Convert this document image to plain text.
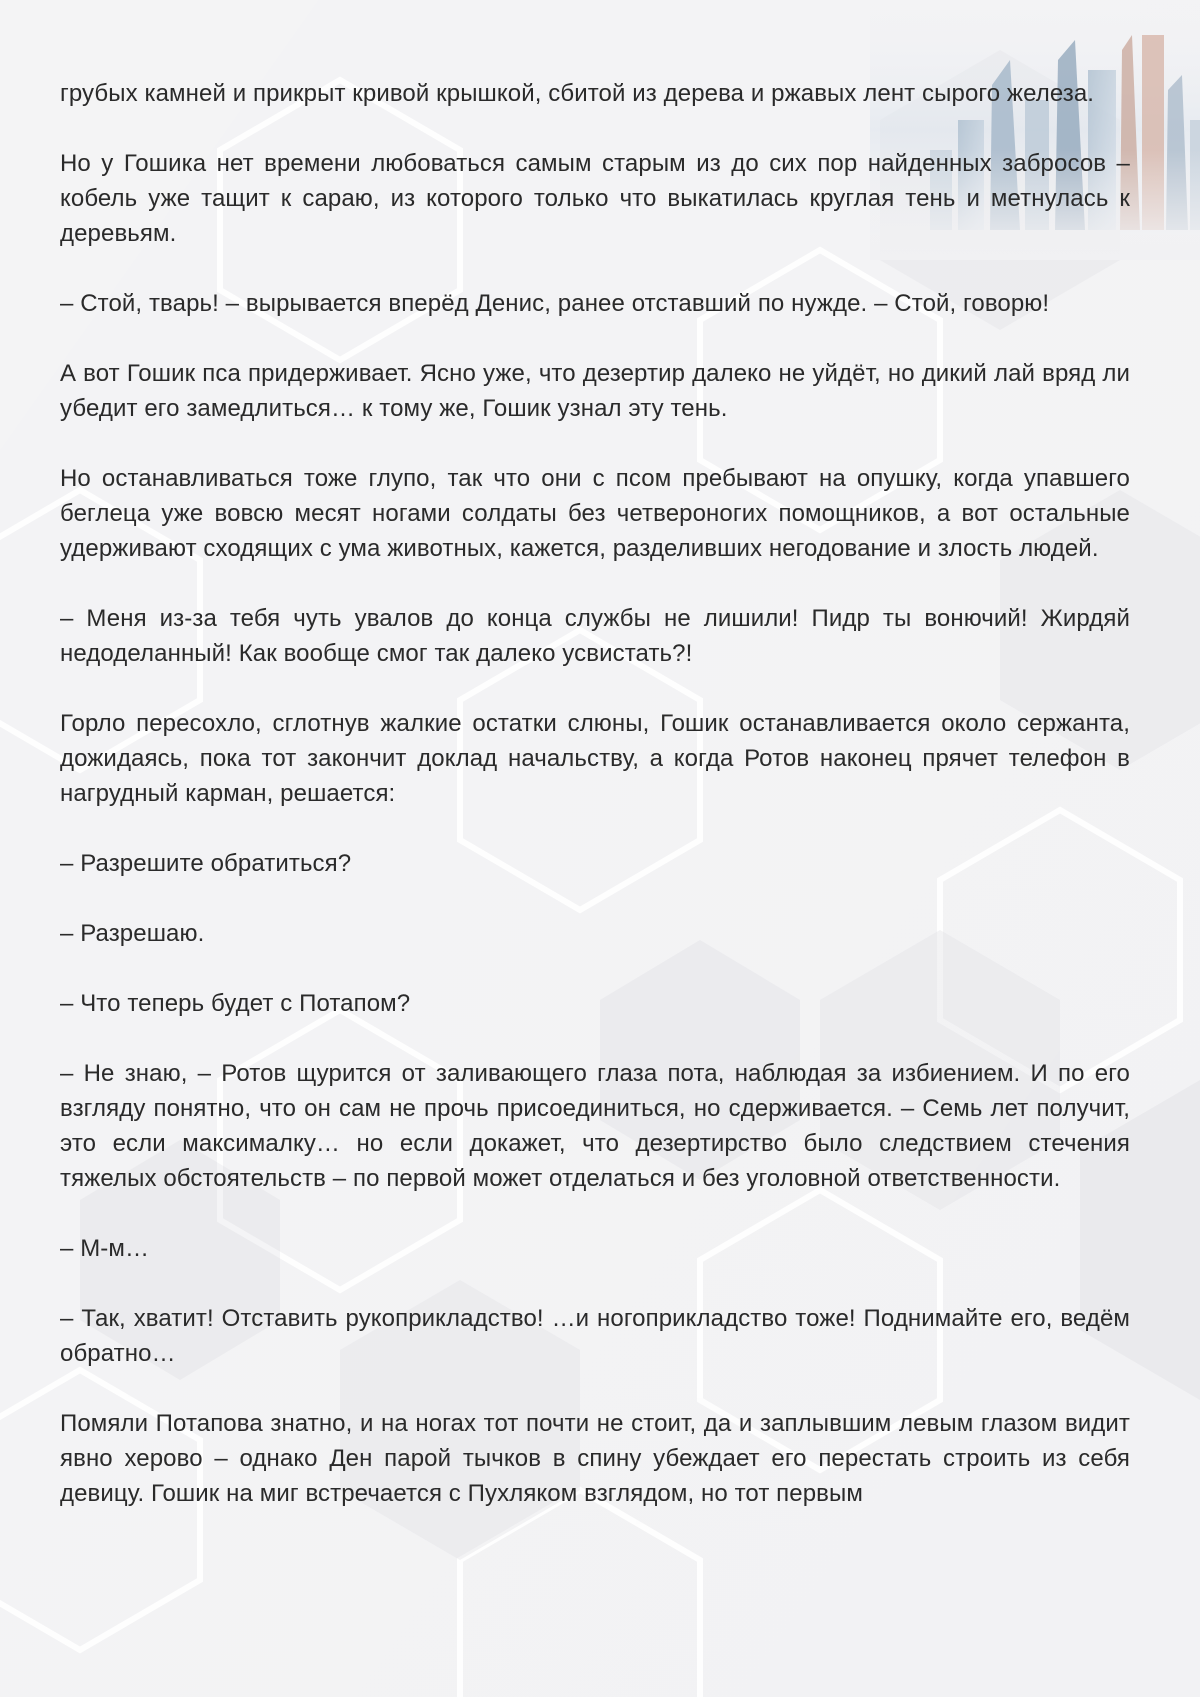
грубых камней и прикрыт кривой крышкой, сбитой из дерева и ржавых лент сырого железа.

Но у Гошика нет времени любоваться самым старым из до сих пор найденных забросов – кобель уже тащит к сараю, из которого только что выкатилась круглая тень и метнулась к деревьям.

– Стой, тварь! – вырывается вперёд Денис, ранее отставший по нужде. – Стой, говорю!

А вот Гошик пса придерживает. Ясно уже, что дезертир далеко не уйдёт, но дикий лай вряд ли убедит его замедлиться… к тому же, Гошик узнал эту тень.

Но останавливаться тоже глупо, так что они с псом пребывают на опушку, когда упавшего беглеца уже вовсю месят ногами солдаты без четвероногих помощников, а вот остальные удерживают сходящих с ума животных, кажется, разделивших негодование и злость людей.

– Меня из-за тебя чуть увалов до конца службы не лишили! Пидр ты вонючий! Жирдяй недоделанный! Как вообще смог так далеко усвистать?!

Горло пересохло, сглотнув жалкие остатки слюны, Гошик останавливается около сержанта, дожидаясь, пока тот закончит доклад начальству, а когда Ротов наконец прячет телефон в нагрудный карман, решается:

– Разрешите обратиться?

– Разрешаю.

– Что теперь будет с Потапом?

– Не знаю, – Ротов щурится от заливающего глаза пота, наблюдая за избиением. И по его взгляду понятно, что он сам не прочь присоединиться, но сдерживается. – Семь лет получит, это если максималку… но если докажет, что дезертирство было следствием стечения тяжелых обстоятельств – по первой может отделаться и без уголовной ответственности.

– М-м…

– Так, хватит! Отставить рукоприкладство! …и ногоприкладство тоже! Поднимайте его, ведём обратно…

Помяли Потапова знатно, и на ногах тот почти не стоит, да и заплывшим левым глазом видит явно херово – однако Ден парой тычков в спину убеждает его перестать строить из себя девицу. Гошик на миг встречается с Пухляком взглядом, но тот первым
